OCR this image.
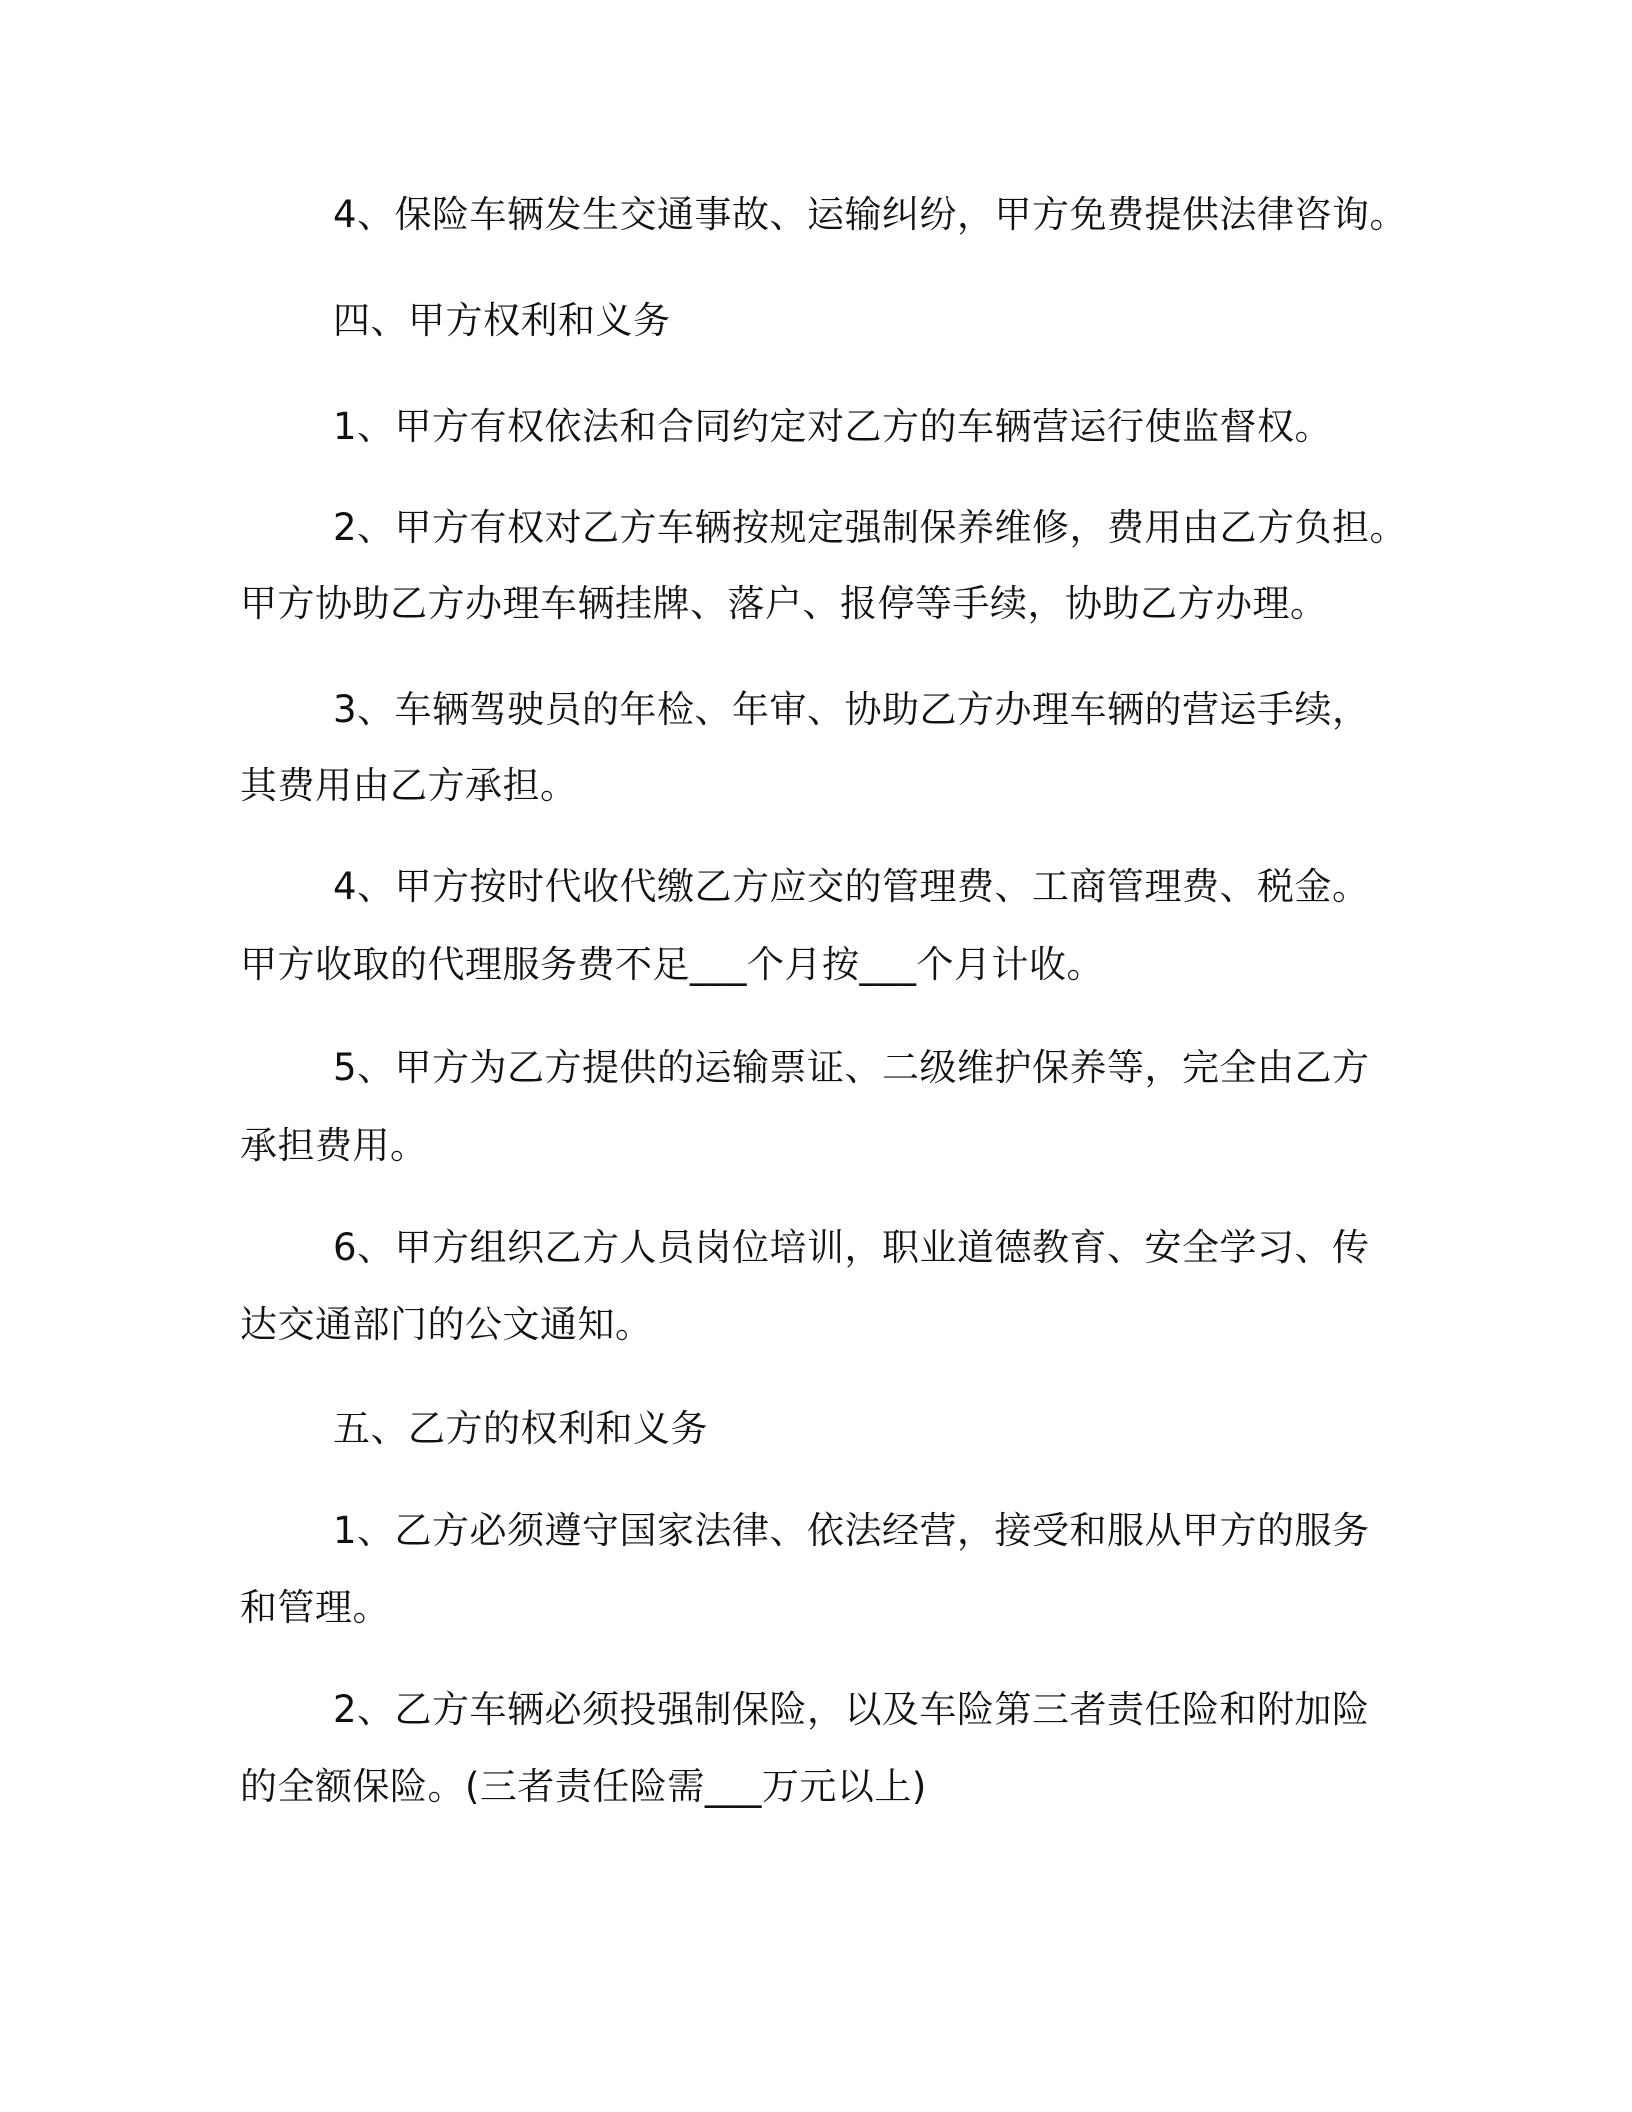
4、保险车辆发生交通事故、运输纠纷，甲方免费提供法律咨询。
四、甲方权利和义务
1、甲方有权依法和合同约定对乙方的车辆营运行使监督权。
2、甲方有权对乙方车辆按规定强制保养维修，费用由乙方负担。
甲方协助乙方办理车辆挂牌、落户、报停等手续，协助乙方办理。
3、车辆驾驶员的年检、年审、协助乙方办理车辆的营运手续，
其费用由乙方承担。
4、甲方按时代收代缴乙方应交的管理费、工商管理费、税金。
甲方收取的代理服务费不足___个月按___个月计收。
5、甲方为乙方提供的运输票证、二级维护保养等，完全由乙方
承担费用。
6、甲方组织乙方人员岗位培训，职业道德教育、安全学习、传
达交通部门的公文通知。
五、乙方的权利和义务
1、乙方必须遵守国家法律、依法经营，接受和服从甲方的服务
和管理。
2、乙方车辆必须投强制保险，以及车险第三者责任险和附加险
的全额保险。(三者责任险需___万元以上)
